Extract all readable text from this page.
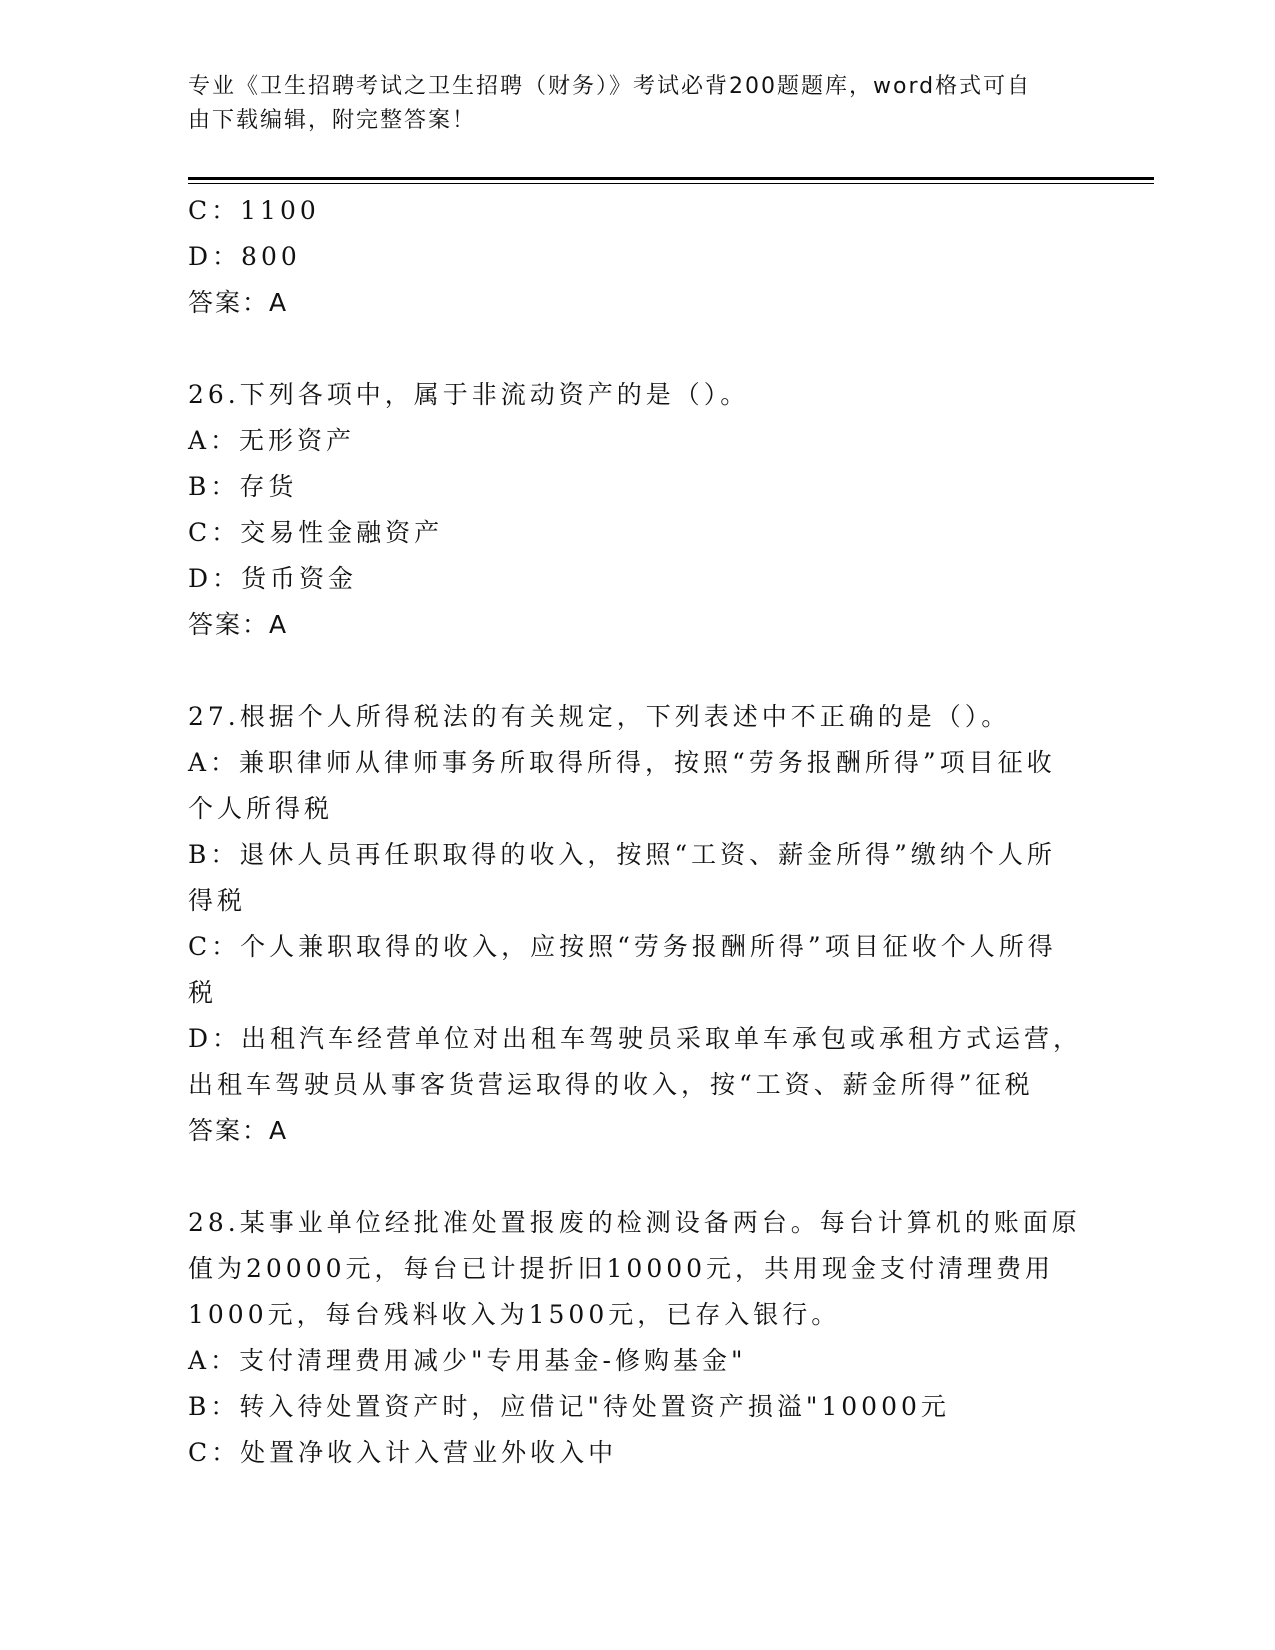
专业《卫生招聘考试之卫生招聘（财务）》考试必背200题题库，word格式可自
由下载编辑，附完整答案！
C：1100
D：800
答案：A
26.下列各项中，属于非流动资产的是（）。
A：无形资产
B：存货
C：交易性金融资产
D：货币资金
答案：A
27.根据个人所得税法的有关规定，下列表述中不正确的是（）。
A：兼职律师从律师事务所取得所得，按照“劳务报酬所得”项目征收
个人所得税
B：退休人员再任职取得的收入，按照“工资、薪金所得”缴纳个人所
得税
C：个人兼职取得的收入，应按照“劳务报酬所得”项目征收个人所得
税
D：出租汽车经营单位对出租车驾驶员采取单车承包或承租方式运营，
出租车驾驶员从事客货营运取得的收入，按“工资、薪金所得”征税
答案：A
28.某事业单位经批准处置报废的检测设备两台。每台计算机的账面原
值为20000元，每台已计提折旧10000元，共用现金支付清理费用
1000元，每台残料收入为1500元，已存入银行。
A：支付清理费用减少"专用基金-修购基金"
B：转入待处置资产时，应借记"待处置资产损溢"10000元
C：处置净收入计入营业外收入中
